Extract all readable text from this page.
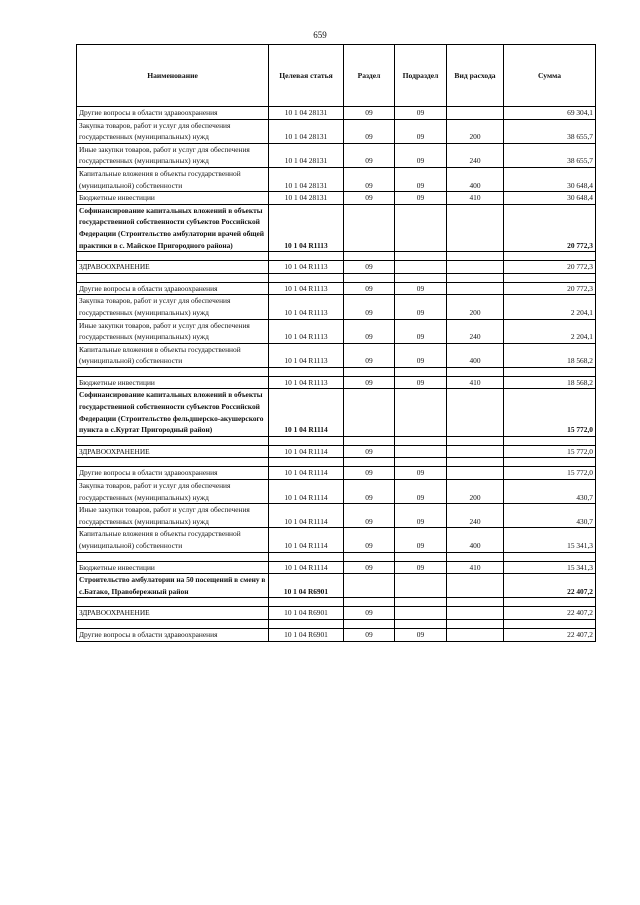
659
Наименование	Целевая статья	Раздел	Подраздел	Вид расхода	Сумма
Другие вопросы в области здравоохранения	10 1 04 28131	09	09		69 304,1
Закупка товаров, работ и услуг для обеспечения государственных (муниципальных) нужд	10 1 04 28131	09	09	200	38 655,7
Иные закупки товаров, работ и услуг для обеспечения государственных (муниципальных) нужд	10 1 04 28131	09	09	240	38 655,7
Капитальные вложения в объекты государственной (муниципальной) собственности	10 1 04 28131	09	09	400	30 648,4
Бюджетные инвестиции	10 1 04 28131	09	09	410	30 648,4
Софинансирование капитальных вложений в объекты государственной собственности субъектов Российской Федерации (Строительство амбулатории врачей общей практики в с. Майское Пригородного района)	10 1 04 R1113				20 772,3

ЗДРАВООХРАНЕНИЕ	10 1 04 R1113	09			20 772,3

Другие вопросы в области здравоохранения	10 1 04 R1113	09	09		20 772,3
Закупка товаров, работ и услуг для обеспечения государственных (муниципальных) нужд	10 1 04 R1113	09	09	200	2 204,1
Иные закупки товаров, работ и услуг для обеспечения государственных (муниципальных) нужд	10 1 04 R1113	09	09	240	2 204,1
Капитальные вложения в объекты государственной (муниципальной) собственности	10 1 04 R1113	09	09	400	18 568,2

Бюджетные инвестиции	10 1 04 R1113	09	09	410	18 568,2
Софинансирование капитальных вложений в объекты государственной собственности субъектов Российской Федерации (Строительство фельдшерско-акушерского пункта в с.Куртат Пригородный район)	10 1 04 R1114				15 772,0

ЗДРАВООХРАНЕНИЕ	10 1 04 R1114	09			15 772,0

Другие вопросы в области здравоохранения	10 1 04 R1114	09	09		15 772,0
Закупка товаров, работ и услуг для обеспечения государственных (муниципальных) нужд	10 1 04 R1114	09	09	200	430,7
Иные закупки товаров, работ и услуг для обеспечения государственных (муниципальных) нужд	10 1 04 R1114	09	09	240	430,7
Капитальные вложения в объекты государственной (муниципальной) собственности	10 1 04 R1114	09	09	400	15 341,3

Бюджетные инвестиции	10 1 04 R1114	09	09	410	15 341,3
Строительство амбулатории на 50 посещений в смену в с.Батако, Правобережный район	10 1 04 R6901				22 407,2

ЗДРАВООХРАНЕНИЕ	10 1 04 R6901	09			22 407,2

Другие вопросы в области здравоохранения	10 1 04 R6901	09	09		22 407,2
